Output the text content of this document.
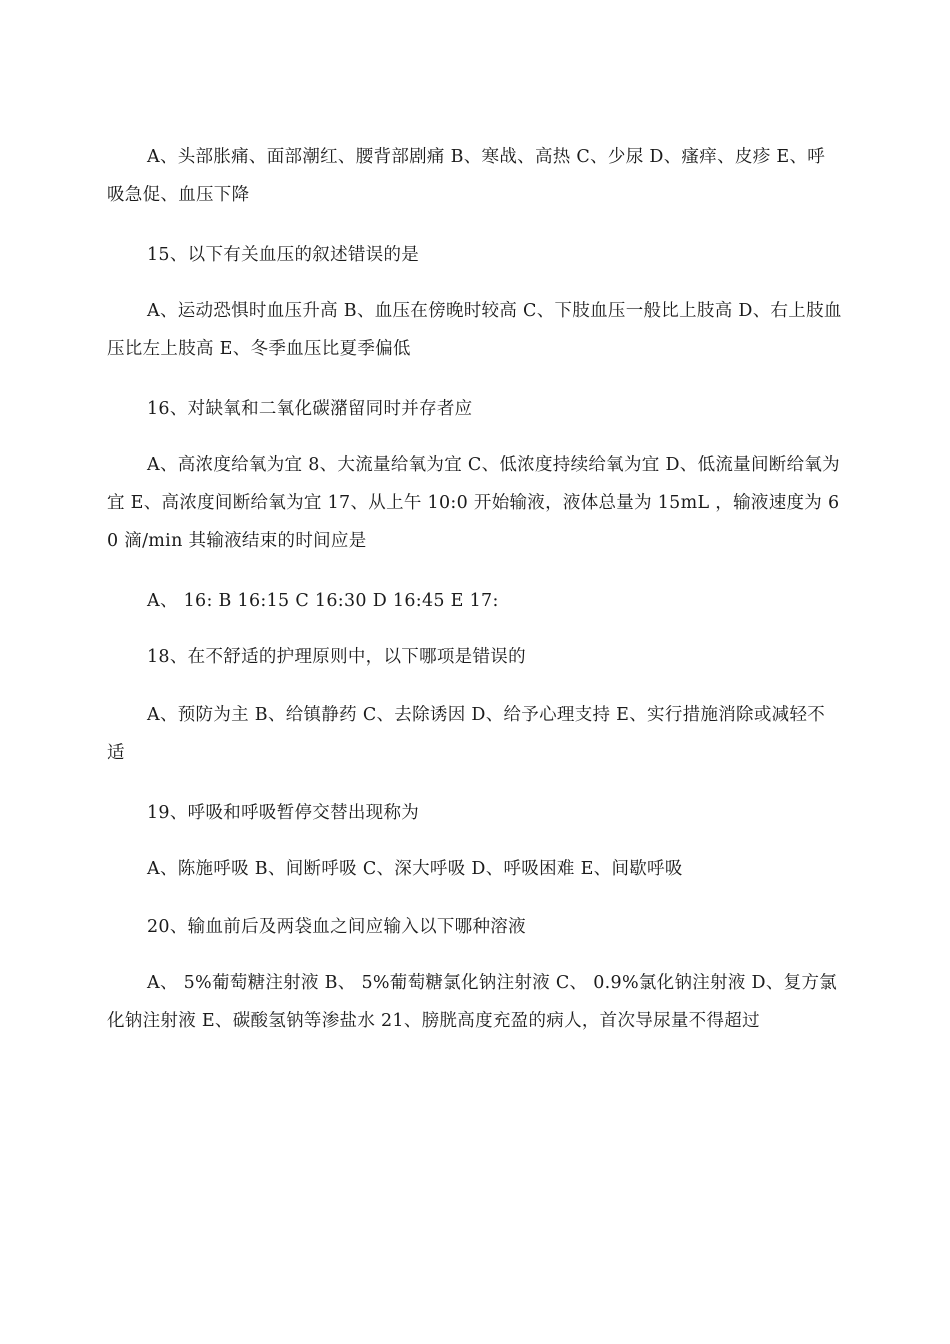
A、头部胀痛、面部潮红、腰背部剧痛 B、寒战、高热 C、少尿 D、瘙痒、皮疹 E、呼吸急促、血压下降

15、以下有关血压的叙述错误的是

A、运动恐惧时血压升高 B、血压在傍晚时较高 C、下肢血压一般比上肢高 D、右上肢血压比左上肢高 E、冬季血压比夏季偏低

16、对缺氧和二氧化碳潴留同时并存者应

A、高浓度给氧为宜 8、大流量给氧为宜 C、低浓度持续给氧为宜 D、低流量间断给氧为宜 E、高浓度间断给氧为宜 17、从上午 10:0 开始输液，液体总量为 15mL ，输液速度为 60 滴/min 其输液结束的时间应是

A、 16: B 16:15 C 16:30 D 16:45 E 17:

18、在不舒适的护理原则中，以下哪项是错误的

A、预防为主 B、给镇静药 C、去除诱因 D、给予心理支持 E、实行措施消除或减轻不适

19、呼吸和呼吸暂停交替出现称为

A、陈施呼吸 B、间断呼吸 C、深大呼吸 D、呼吸困难 E、间歇呼吸

20、输血前后及两袋血之间应输入以下哪种溶液

A、 5%葡萄糖注射液 B、 5%葡萄糖氯化钠注射液 C、 0.9%氯化钠注射液 D、复方氯化钠注射液 E、碳酸氢钠等渗盐水 21、膀胱高度充盈的病人，首次导尿量不得超过
